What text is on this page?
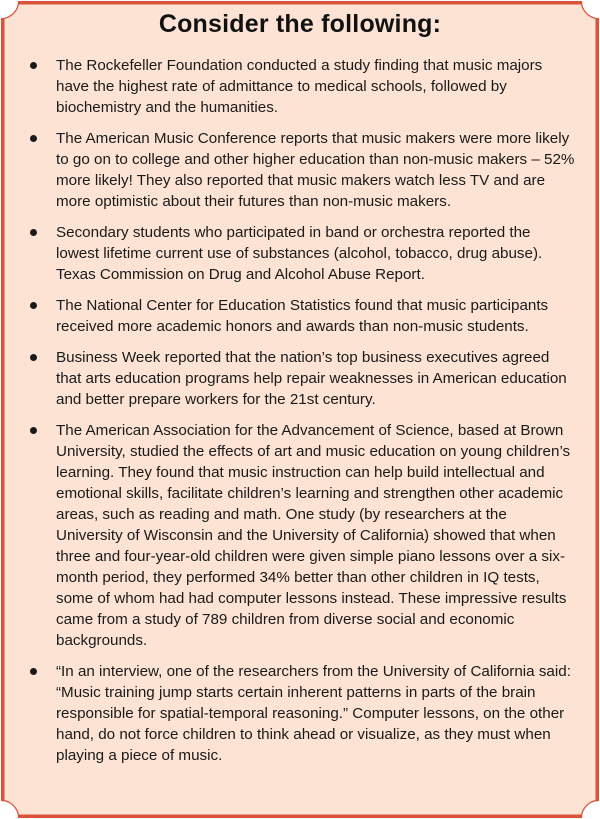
Consider the following:
The Rockefeller Foundation conducted a study finding that music majors have the highest rate of admittance to medical schools, followed by biochemistry and the humanities.
The American Music Conference reports that music makers were more likely to go on to college and other higher education than non-music makers – 52% more likely! They also reported that music makers watch less TV and are more optimistic about their futures than non-music makers.
Secondary students who participated in band or orchestra reported the lowest lifetime current use of substances (alcohol, tobacco, drug abuse). Texas Commission on Drug and Alcohol Abuse Report.
The National Center for Education Statistics found that music participants received more academic honors and awards than non-music students.
Business Week reported that the nation’s top business executives agreed that arts education programs help repair weaknesses in American education and better prepare workers for the 21st century.
The American Association for the Advancement of Science, based at Brown University, studied the effects of art and music education on young children’s learning. They found that music instruction can help build intellectual and emotional skills, facilitate children’s learning and strengthen other academic areas, such as reading and math. One study (by researchers at the University of Wisconsin and the University of California) showed that when three and four-year-old children were given simple piano lessons over a six-month period, they performed 34% better than other children in IQ tests, some of whom had had computer lessons instead. These impressive results came from a study of 789 children from diverse social and economic backgrounds.
“In an interview, one of the researchers from the University of California said: “Music training jump starts certain inherent patterns in parts of the brain responsible for spatial-temporal reasoning.” Computer lessons, on the other hand, do not force children to think ahead or visualize, as they must when playing a piece of music.
